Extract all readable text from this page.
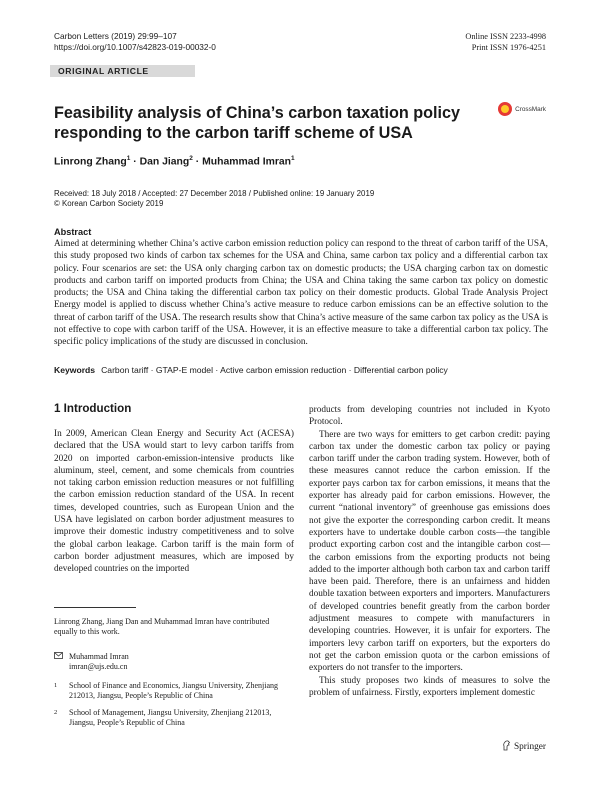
Carbon Letters (2019) 29:99–107
https://doi.org/10.1007/s42823-019-00032-0
Online ISSN 2233-4998
Print ISSN 1976-4251
ORIGINAL ARTICLE
Feasibility analysis of China’s carbon taxation policy responding to the carbon tariff scheme of USA
CrossMark
Linrong Zhang$^1$ · Dan Jiang$^2$ · Muhammad Imran$^1$
Received: 18 July 2018 / Accepted: 27 December 2018 / Published online: 19 January 2019
© Korean Carbon Society 2019
Abstract
Aimed at determining whether China’s active carbon emission reduction policy can respond to the threat of carbon tariff of the USA, this study proposed two kinds of carbon tax schemes for the USA and China, same carbon tax policy and a differential carbon tax policy. Four scenarios are set: the USA only charging carbon tax on domestic products; the USA charging carbon tax on domestic products and carbon tariff on imported products from China; the USA and China taking the same carbon tax policy on domestic products; the USA and China taking the differential carbon tax policy on their domestic products. Global Trade Analysis Project Energy model is applied to discuss whether China’s active measure to reduce carbon emissions can be an effective solution to the threat of carbon tariff of the USA. The research results show that China’s active measure of the same carbon tax policy as the USA is not effective to cope with carbon tariff of the USA. However, it is an effective measure to take a differential carbon tax policy. The specific policy implications of the study are discussed in conclusion.
Keywords Carbon tariff · GTAP-E model · Active carbon emission reduction · Differential carbon policy
1 Introduction

In 2009, American Clean Energy and Security Act (ACESA) declared that the USA would start to levy carbon tariffs from 2020 on imported carbon-emission-intensive products like aluminum, steel, cement, and some chemicals from countries not taking carbon emission reduction measures or not fulfilling the carbon emission reduction standard of the USA. In recent times, developed countries, such as European Union and the USA have legislated on carbon border adjustment measures to improve their domestic industry competitiveness and to solve the global carbon leakage. Carbon tariff is the main form of carbon border adjustment measures, which are imposed by developed countries on the imported

products from developing countries not included in Kyoto Protocol.

There are two ways for emitters to get carbon credit: paying carbon tax under the domestic carbon tax policy or paying carbon tariff under the carbon trading system. However, both of these measures cannot reduce the carbon emission. If the exporter pays carbon tax for carbon emissions, it means that the exporter has already paid for carbon emissions. However, the current “national inventory” of greenhouse gas emissions does not give the exporter the corresponding carbon credit. It means exporters have to undertake double carbon costs—the tangible product exporting carbon cost and the intangible carbon cost—the carbon emissions from the exporting products not being added to the importer although both carbon tax and carbon tariff have been paid. Therefore, there is an unfairness and hidden double taxation between exporters and importers. Manufacturers of developed countries benefit greatly from the carbon border adjustment measures to compete with manufacturers in developing countries. However, it is unfair for exporters. The importers levy carbon tariff on exporters, but the exporters do not get the carbon emission quota or the carbon emissions of exporters do not transfer to the importers.

This study proposes two kinds of measures to solve the problem of unfairness. Firstly, exporters implement domestic

Linrong Zhang, Jiang Dan and Muhammad Imran have contributed equally to this work.
Muhammad Imran
imran@ujs.edu.cn
1	School of Finance and Economics, Jiangsu University, Zhenjiang 212013, Jiangsu, People’s Republic of China
2	School of Management, Jiangsu University, Zhenjiang 212013, Jiangsu, People’s Republic of China
Springer
